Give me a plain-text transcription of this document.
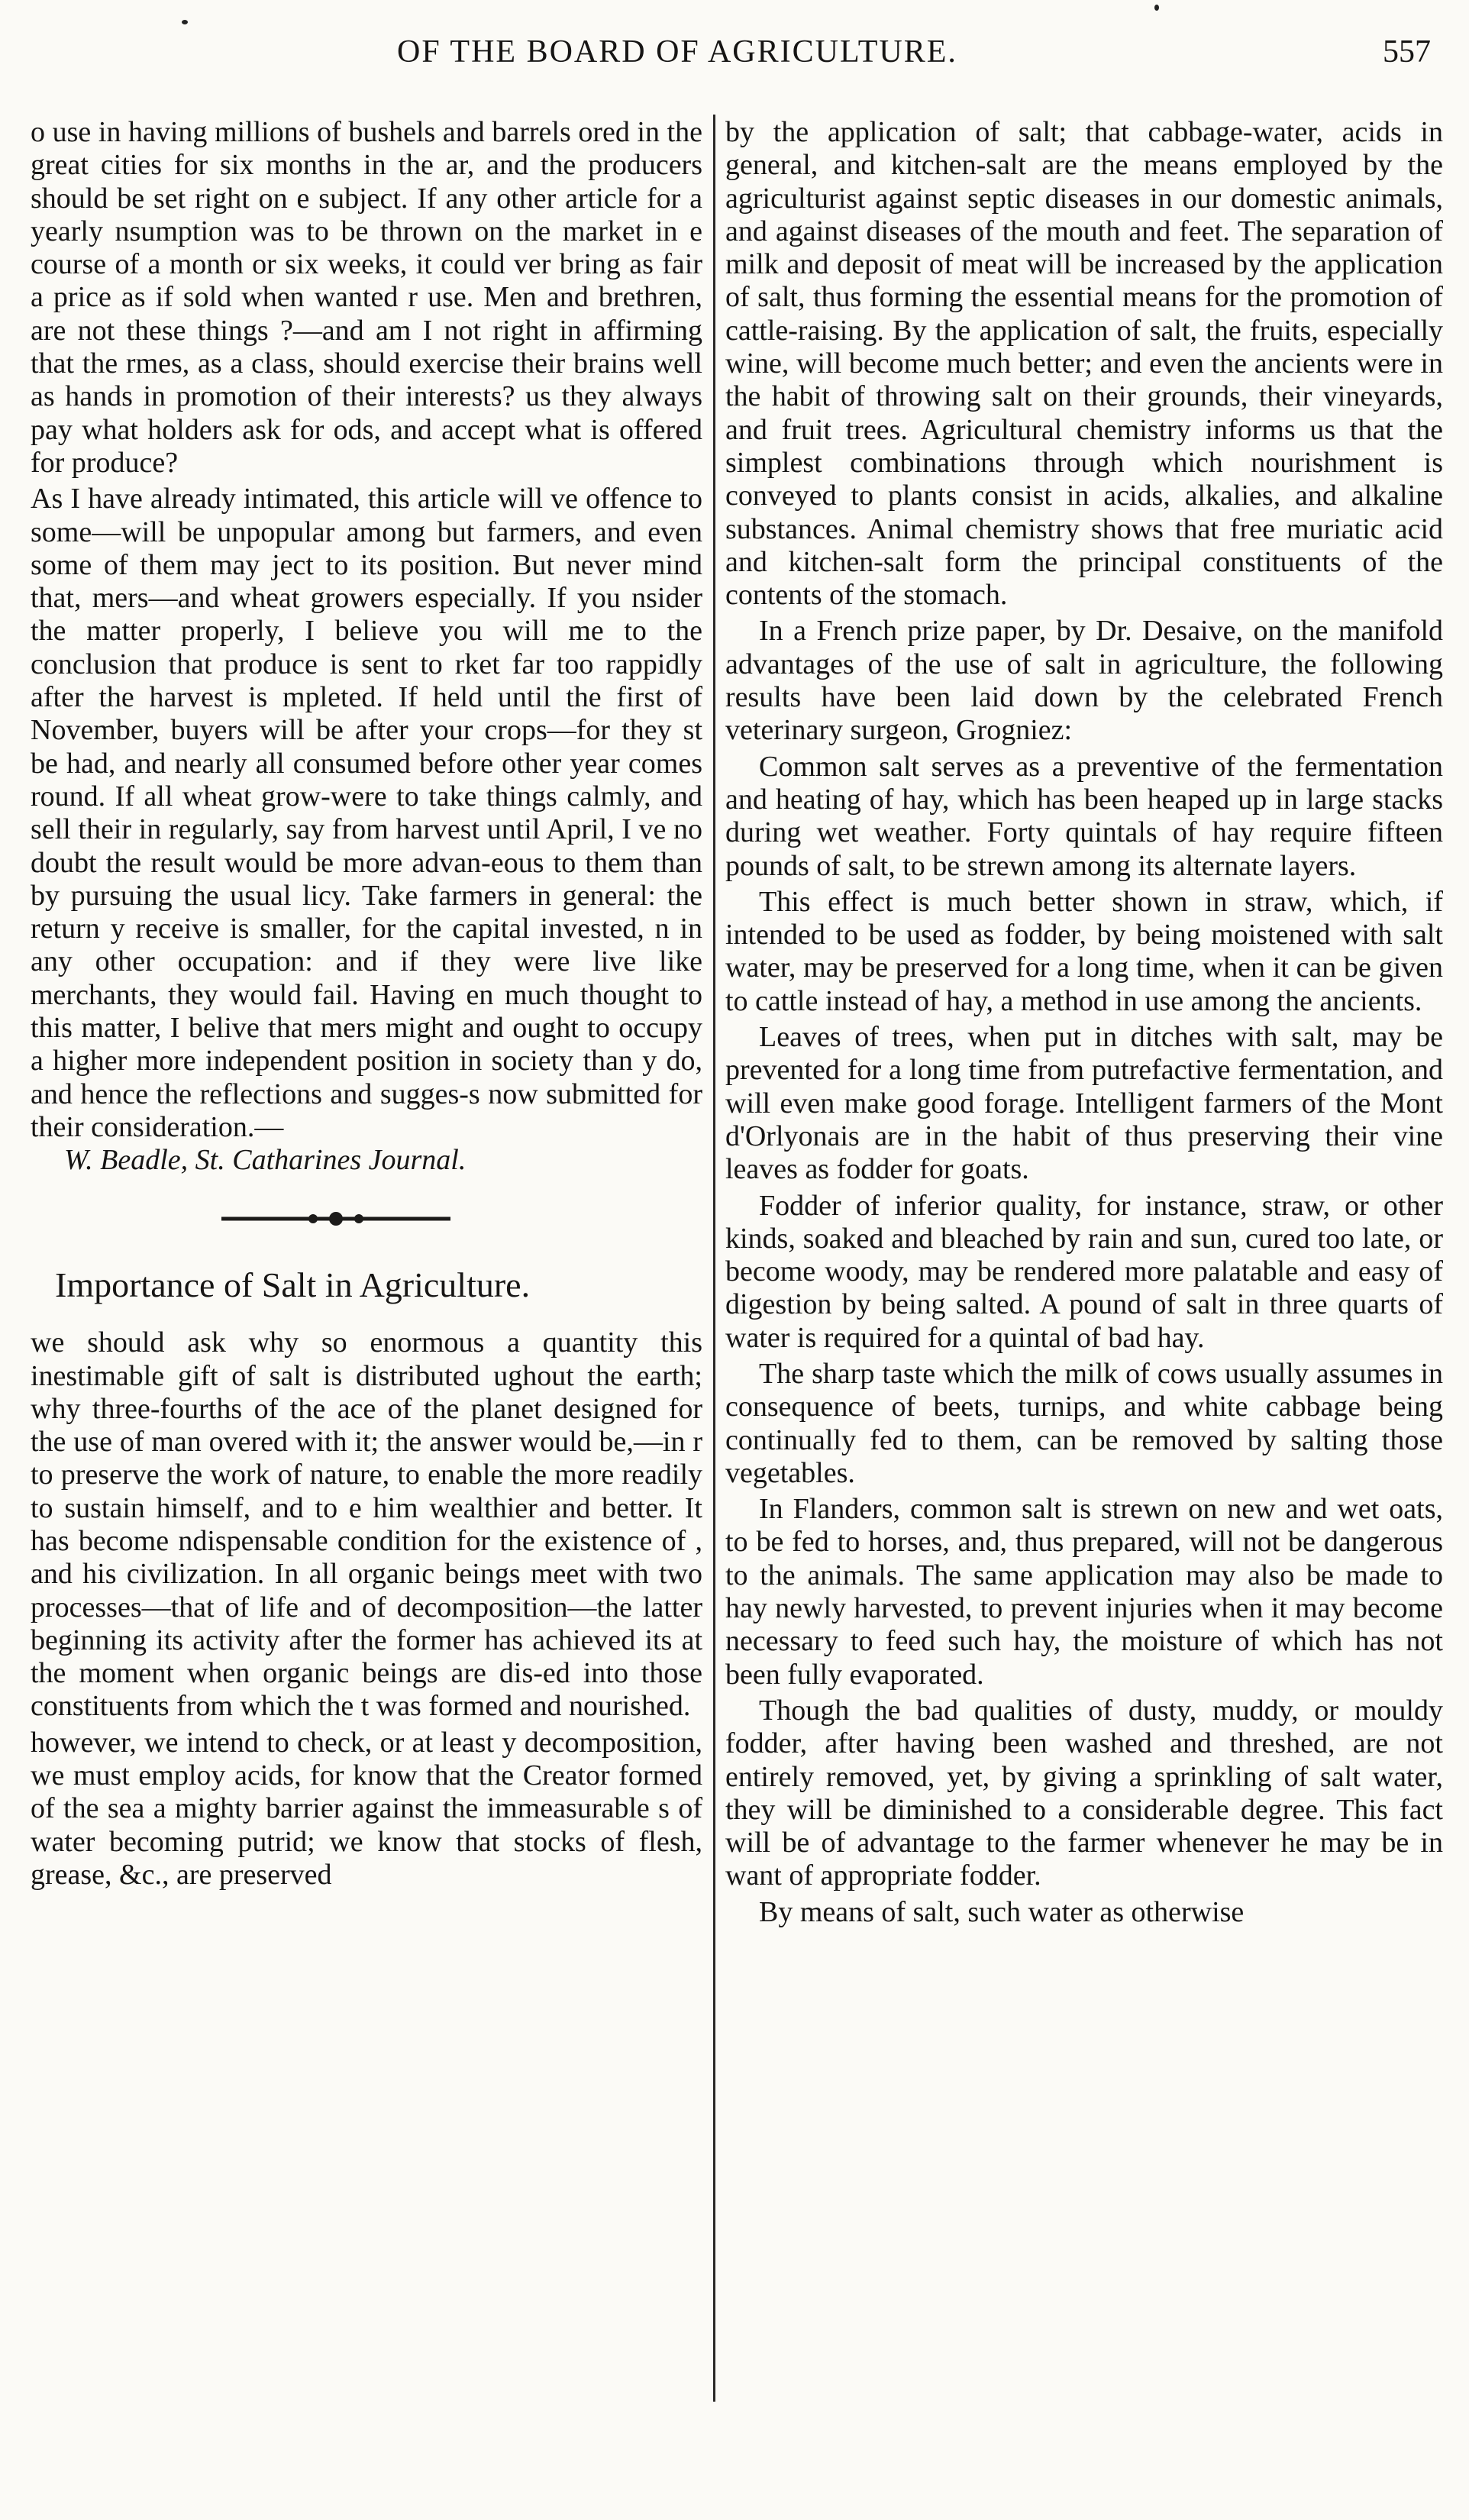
OF THE BOARD OF AGRICULTURE.	557

o use in having millions of bushels and barrels ored in the great cities for six months in the ar, and the producers should be set right on e subject. If any other article for a yearly nsumption was to be thrown on the market in e course of a month or six weeks, it could ver bring as fair a price as if sold when wanted r use. Men and brethren, are not these things ?—and am I not right in affirming that the rmes, as a class, should exercise their brains well as hands in promotion of their interests? us they always pay what holders ask for ods, and accept what is offered for produce?

As I have already intimated, this article will ve offence to some—will be unpopular among but farmers, and even some of them may ject to its position. But never mind that, mers—and wheat growers especially. If you nsider the matter properly, I believe you will me to the conclusion that produce is sent to rket far too rappidly after the harvest is mpleted. If held until the first of November, buyers will be after your crops—for they st be had, and nearly all consumed before other year comes round. If all wheat grow-were to take things calmly, and sell their in regularly, say from harvest until April, I ve no doubt the result would be more advan-eous to them than by pursuing the usual licy. Take farmers in general: the return y receive is smaller, for the capital invested, n in any other occupation: and if they were live like merchants, they would fail. Having en much thought to this matter, I belive that mers might and ought to occupy a higher more independent position in society than y do, and hence the reflections and sugges-s now submitted for their consideration.—

W. Beadle, St. Catharines Journal.

Importance of Salt in Agriculture.

we should ask why so enormous a quantity this inestimable gift of salt is distributed ughout the earth; why three-fourths of the ace of the planet designed for the use of man overed with it; the answer would be,—in r to preserve the work of nature, to enable the more readily to sustain himself, and to e him wealthier and better. It has become ndispensable condition for the existence of , and his civilization. In all organic beings meet with two processes—that of life and of decomposition—the latter beginning its activity after the former has achieved its at the moment when organic beings are dis-ed into those constituents from which the t was formed and nourished.

however, we intend to check, or at least y decomposition, we must employ acids, for know that the Creator formed of the sea a mighty barrier against the immeasurable s of water becoming putrid; we know that stocks of flesh, grease, &c., are preserved

by the application of salt; that cabbage-water, acids in general, and kitchen-salt are the means employed by the agriculturist against septic diseases in our domestic animals, and against diseases of the mouth and feet. The separation of milk and deposit of meat will be increased by the application of salt, thus forming the essential means for the promotion of cattle-raising. By the application of salt, the fruits, especially wine, will become much better; and even the ancients were in the habit of throwing salt on their grounds, their vineyards, and fruit trees. Agricultural chemistry informs us that the simplest combinations through which nourishment is conveyed to plants consist in acids, alkalies, and alkaline substances. Animal chemistry shows that free muriatic acid and kitchen-salt form the principal constituents of the contents of the stomach.

In a French prize paper, by Dr. Desaive, on the manifold advantages of the use of salt in agriculture, the following results have been laid down by the celebrated French veterinary surgeon, Grogniez:

Common salt serves as a preventive of the fermentation and heating of hay, which has been heaped up in large stacks during wet weather. Forty quintals of hay require fifteen pounds of salt, to be strewn among its alternate layers.

This effect is much better shown in straw, which, if intended to be used as fodder, by being moistened with salt water, may be preserved for a long time, when it can be given to cattle instead of hay, a method in use among the ancients.

Leaves of trees, when put in ditches with salt, may be prevented for a long time from putrefactive fermentation, and will even make good forage. Intelligent farmers of the Mont d'Orlyonais are in the habit of thus preserving their vine leaves as fodder for goats.

Fodder of inferior quality, for instance, straw, or other kinds, soaked and bleached by rain and sun, cured too late, or become woody, may be rendered more palatable and easy of digestion by being salted. A pound of salt in three quarts of water is required for a quintal of bad hay.

The sharp taste which the milk of cows usually assumes in consequence of beets, turnips, and white cabbage being continually fed to them, can be removed by salting those vegetables.

In Flanders, common salt is strewn on new and wet oats, to be fed to horses, and, thus prepared, will not be dangerous to the animals. The same application may also be made to hay newly harvested, to prevent injuries when it may become necessary to feed such hay, the moisture of which has not been fully evaporated.

Though the bad qualities of dusty, muddy, or mouldy fodder, after having been washed and threshed, are not entirely removed, yet, by giving a sprinkling of salt water, they will be diminished to a considerable degree. This fact will be of advantage to the farmer whenever he may be in want of appropriate fodder.

By means of salt, such water as otherwise
